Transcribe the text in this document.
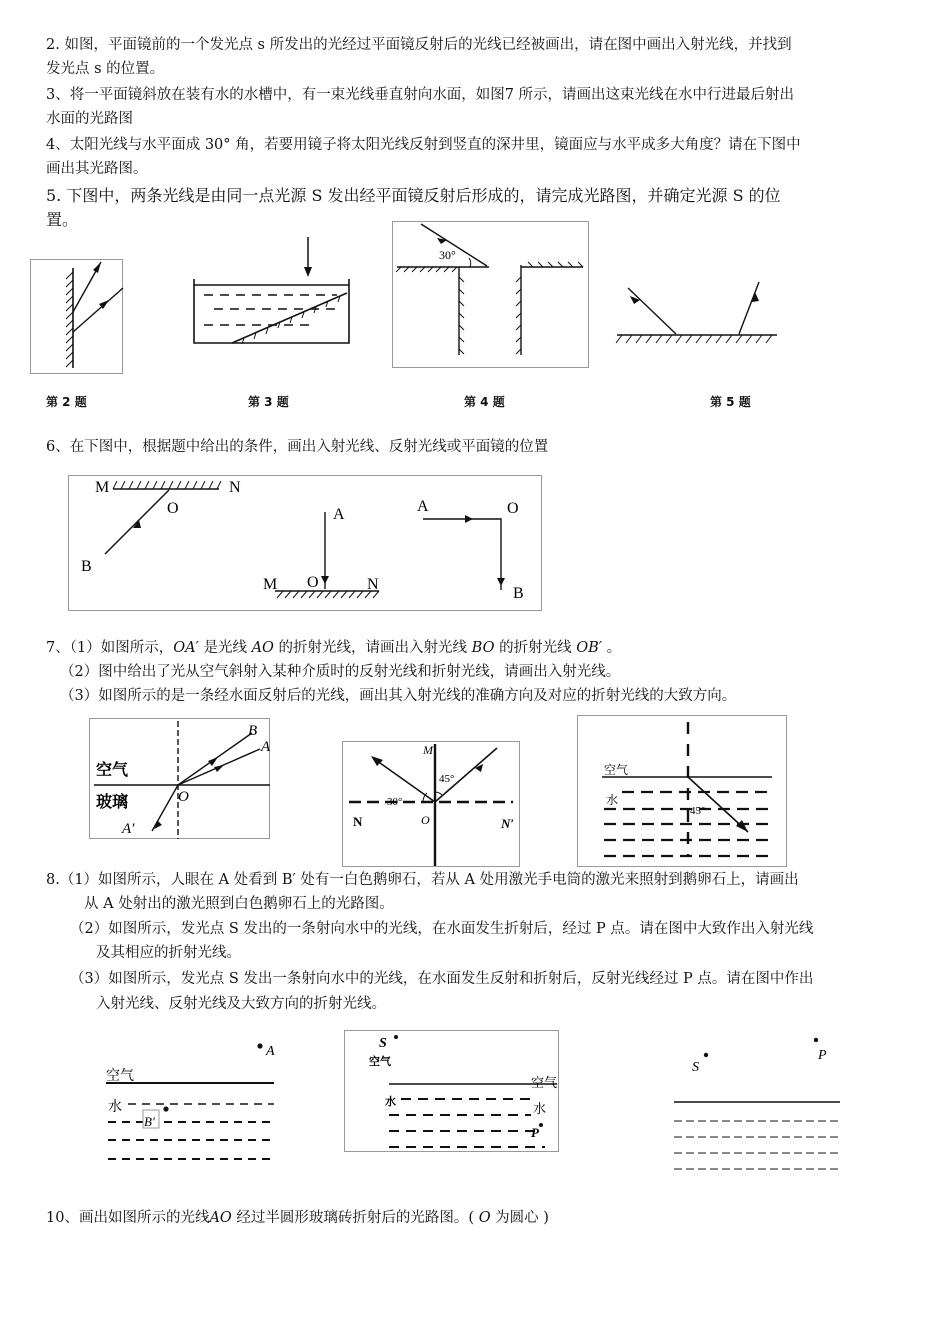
2. 如图，平面镜前的一个发光点 s 所发出的光经过平面镜反射后的光线已经被画出，请在图中画出入射光线，并找到
发光点 s 的位置。
3、将一平面镜斜放在装有水的水槽中，有一束光线垂直射向水面，如图7 所示，请画出这束光线在水中行进最后射出
水面的光路图
4、太阳光线与水平面成 30° 角，若要用镜子将太阳光线反射到竖直的深井里，镜面应与水平成多大角度？请在下图中
画出其光路图。
5. 下图中，两条光线是由同一点光源 S 发出经平面镜反射后形成的，请完成光路图，并确定光源 S 的位
置。
30°
第 2 题	第 3 题	第 4 题	第 5 题
6、在下图中，根据题中给出的条件，画出入射光线、反射光线或平面镜的位置
M	N
O
B
A
M O	N
A	O
B
7、（1）如图所示，OA′ 是光线 AO 的折射光线，请画出入射光线 BO 的折射光线 OB′ 。
（2）图中给出了光从空气斜射入某种介质时的反射光线和折射光线，请画出入射光线。
（3）如图所示的是一条经水面反射后的光线，画出其入射光线的准确方向及对应的折射光线的大致方向。
空气
玻璃
B
A
O
A′
M
45°
30°
N	O	N′
空气
水
45°
8.（1）如图所示，人眼在 A 处看到 B′ 处有一白色鹅卵石，若从 A 处用激光手电筒的激光来照射到鹅卵石上，请画出
从 A 处射出的激光照到白色鹅卵石上的光路图。
（2）如图所示，发光点 S 发出的一条射向水中的光线，在水面发生折射后，经过 P 点。请在图中大致作出入射光线
及其相应的折射光线。
（3）如图所示，发光点 S 发出一条射向水中的光线，在水面发生反射和折射后，反射光线经过 P 点。请在图中作出
入射光线、反射光线及大致方向的折射光线。
A
空气
水
B′
S
空气
空气
水	水
P
P
S
10、画出如图所示的光线AO 经过半圆形玻璃砖折射后的光路图。( O 为圆心 )
